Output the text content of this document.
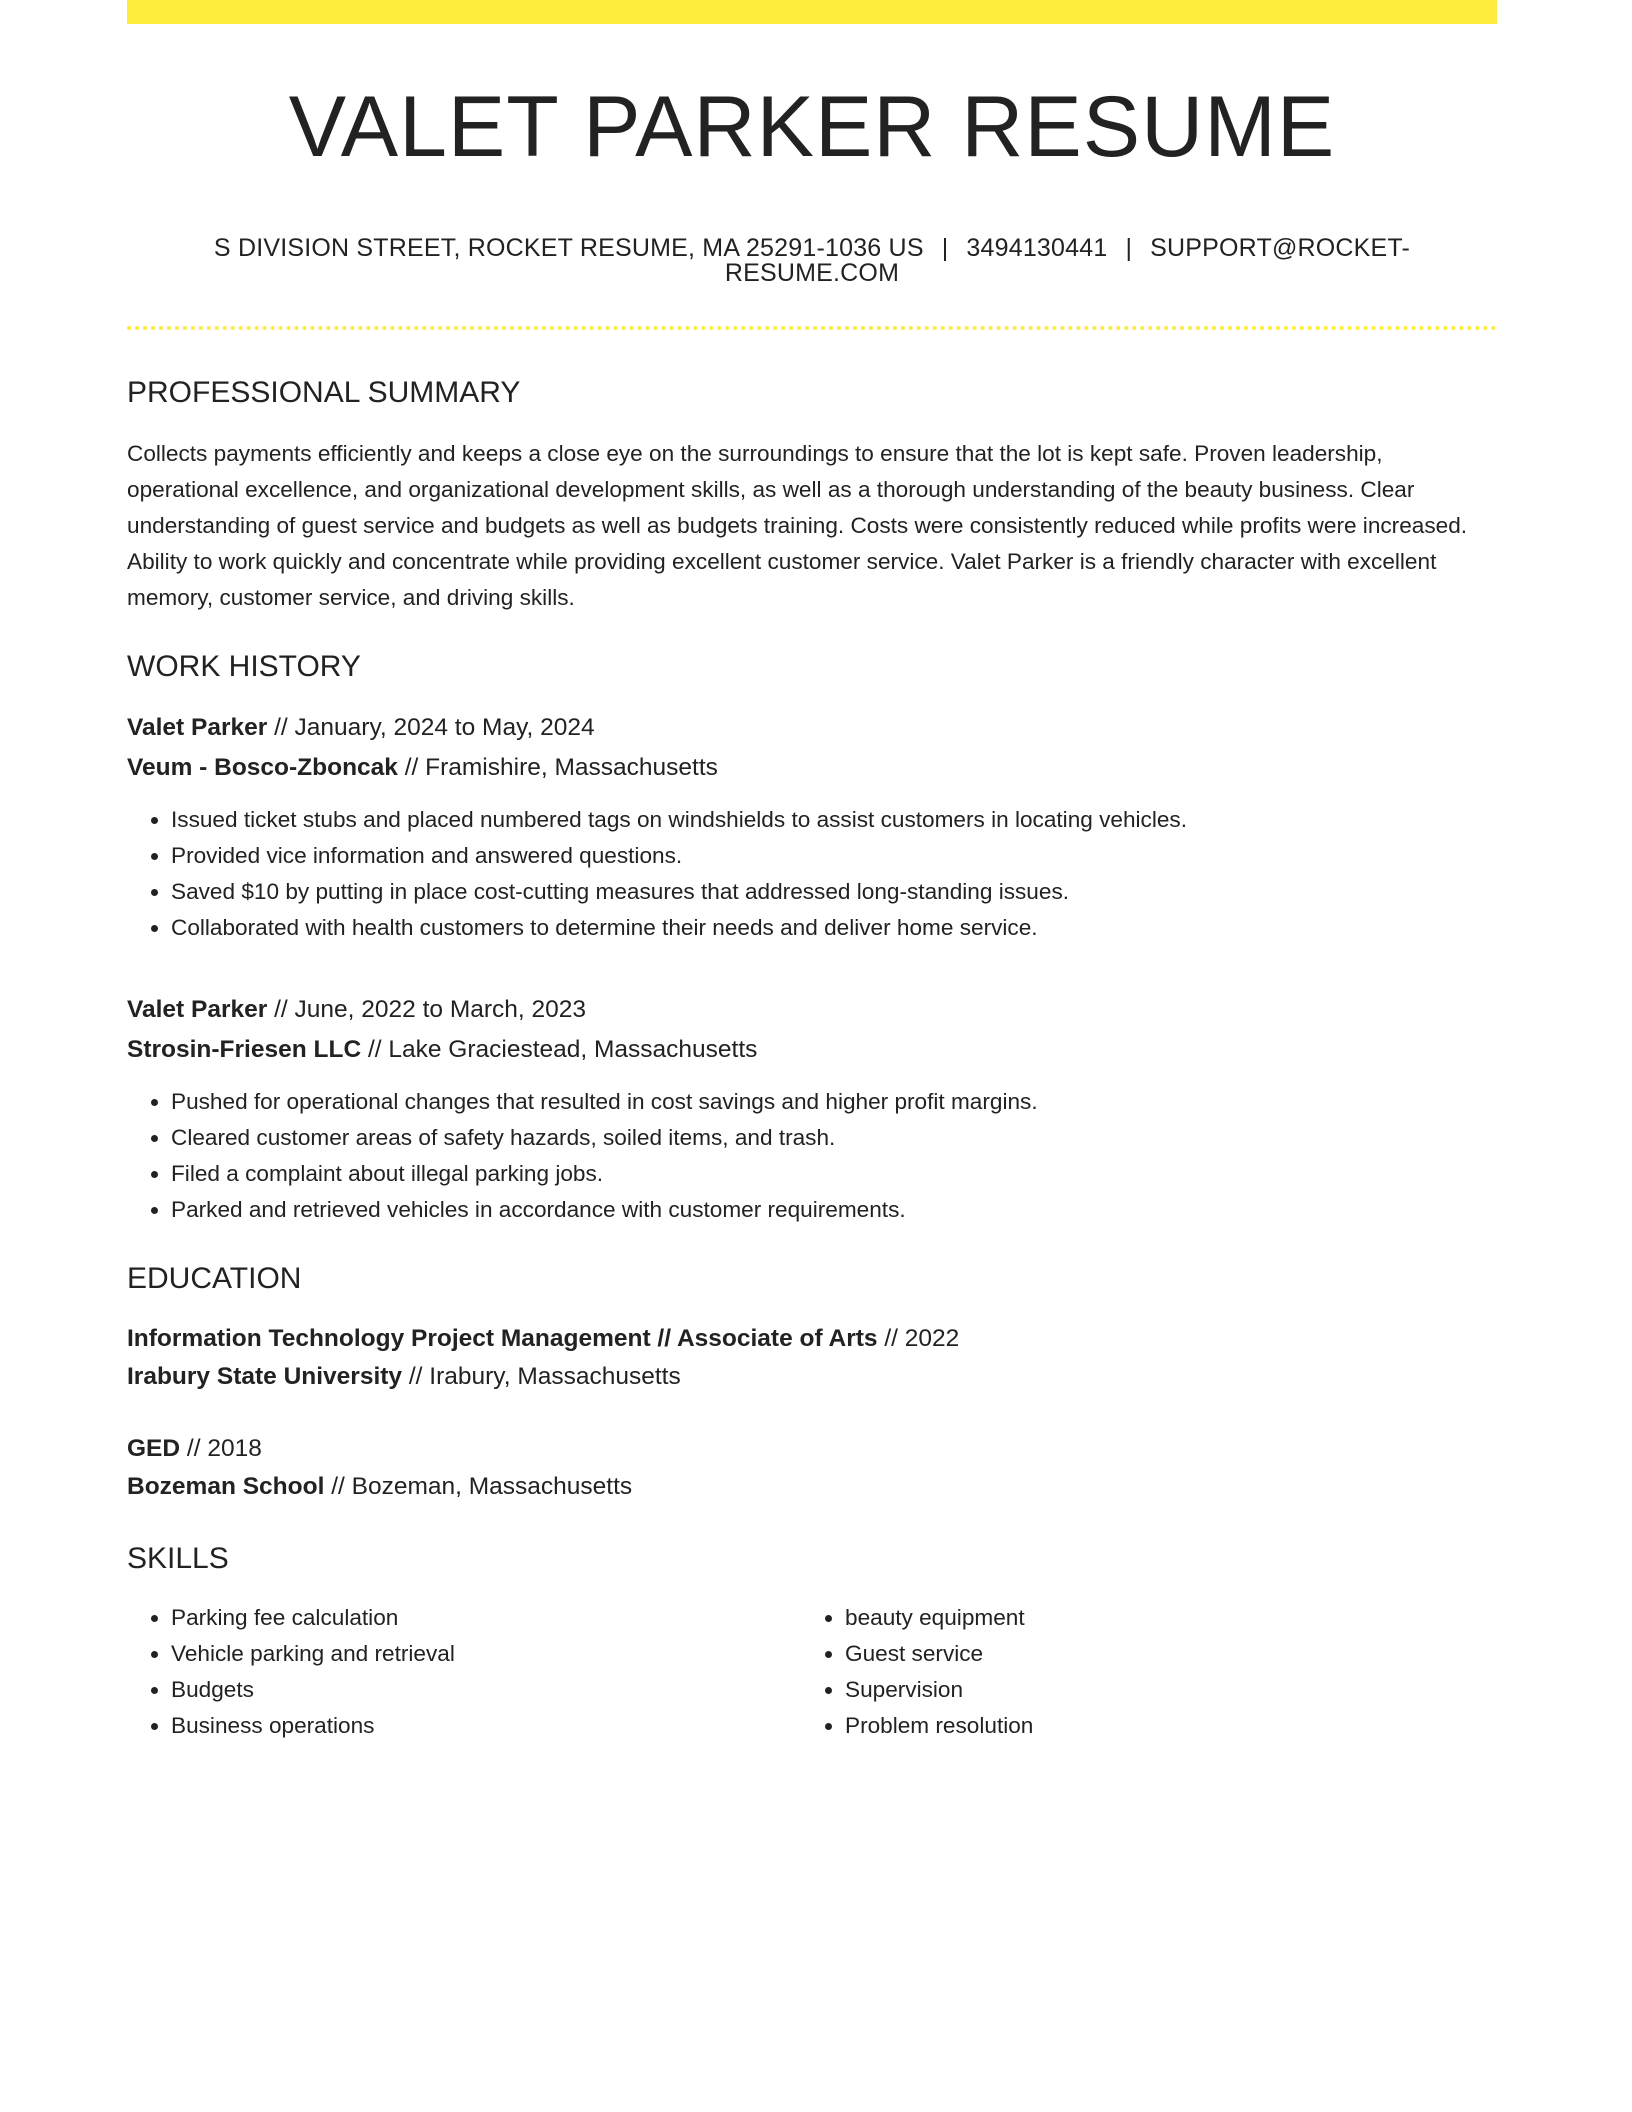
VALET PARKER RESUME
S DIVISION STREET, ROCKET RESUME, MA 25291-1036 US | 3494130441 | SUPPORT@ROCKET-RESUME.COM
PROFESSIONAL SUMMARY

Collects payments efficiently and keeps a close eye on the surroundings to ensure that the lot is kept safe. Proven leadership, operational excellence, and organizational development skills, as well as a thorough understanding of the beauty business. Clear understanding of guest service and budgets as well as budgets training. Costs were consistently reduced while profits were increased. Ability to work quickly and concentrate while providing excellent customer service. Valet Parker is a friendly character with excellent memory, customer service, and driving skills.

WORK HISTORY
Valet Parker // January, 2024 to May, 2024
Veum - Bosco-Zboncak // Framishire, Massachusetts
• Issued ticket stubs and placed numbered tags on windshields to assist customers in locating vehicles.
• Provided vice information and answered questions.
• Saved $10 by putting in place cost-cutting measures that addressed long-standing issues.
• Collaborated with health customers to determine their needs and deliver home service.
Valet Parker // June, 2022 to March, 2023
Strosin-Friesen LLC // Lake Graciestead, Massachusetts
• Pushed for operational changes that resulted in cost savings and higher profit margins.
• Cleared customer areas of safety hazards, soiled items, and trash.
• Filed a complaint about illegal parking jobs.
• Parked and retrieved vehicles in accordance with customer requirements.
EDUCATION
Information Technology Project Management // Associate of Arts // 2022
Irabury State University // Irabury, Massachusetts
GED // 2018
Bozeman School // Bozeman, Massachusetts
SKILLS
• Parking fee calculation
• Vehicle parking and retrieval
• Budgets
• Business operations
• beauty equipment
• Guest service
• Supervision
• Problem resolution
